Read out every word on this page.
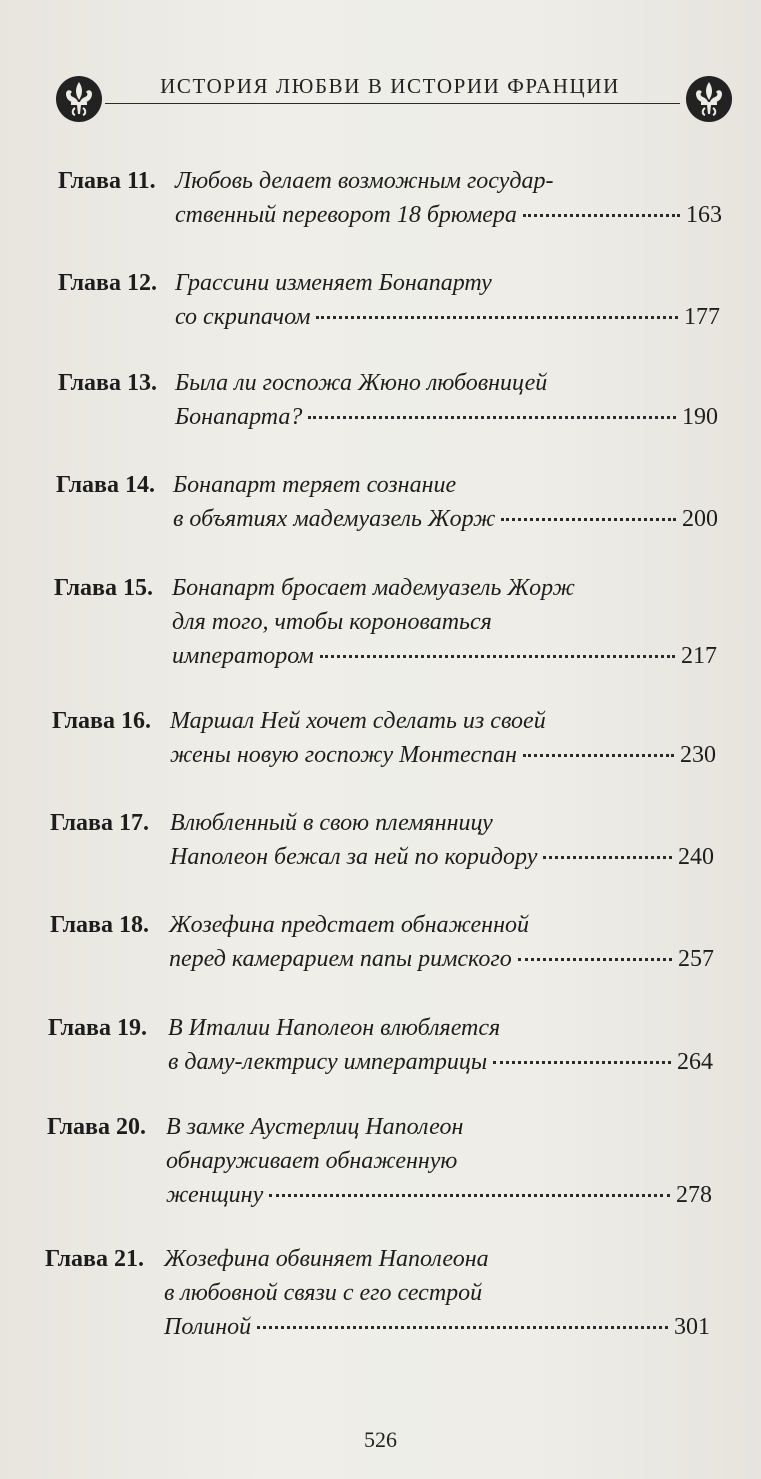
ИСТОРИЯ ЛЮБВИ В ИСТОРИИ ФРАНЦИИ
Глава 11. Любовь делает возможным государ-
ственный переворот 18 брюмера	163
Глава 12. Грассини изменяет Бонапарту
со скрипачом	177
Глава 13. Была ли госпожа Жюно любовницей
Бонапарта?	190
Глава 14. Бонапарт теряет сознание
в объятиях мадемуазель Жорж	200
Глава 15. Бонапарт бросает мадемуазель Жорж
для того, чтобы короноваться
императором	217
Глава 16. Маршал Ней хочет сделать из своей
жены новую госпожу Монтеспан	230
Глава 17. Влюбленный в свою племянницу
Наполеон бежал за ней по коридору	240
Глава 18. Жозефина предстает обнаженной
перед камерарием папы римского	257
Глава 19. В Италии Наполеон влюбляется
в даму-лектрису императрицы	264
Глава 20. В замке Аустерлиц Наполеон
обнаруживает обнаженную
женщину	278
Глава 21. Жозефина обвиняет Наполеона
в любовной связи с его сестрой
Полиной	301
526
